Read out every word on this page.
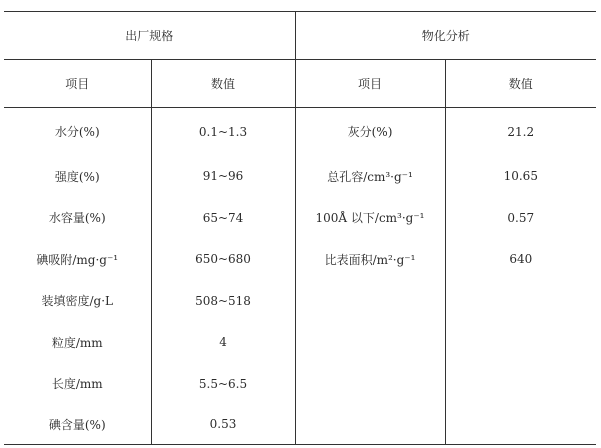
出厂规格		物化分析	
项目	数值	项目	数值
水分(%)	0.1~1.3	灰分(%)	21.2
强度(%)	91~96	总孔容/cm³·g⁻¹	10.65
水容量(%)	65~74	100Å 以下/cm³·g⁻¹	0.57
碘吸附/mg·g⁻¹	650~680	比表面积/m²·g⁻¹	640
装填密度/g·L	508~518		
粒度/mm	4		
长度/mm	5.5~6.5		
碘含量(%)	0.53		
